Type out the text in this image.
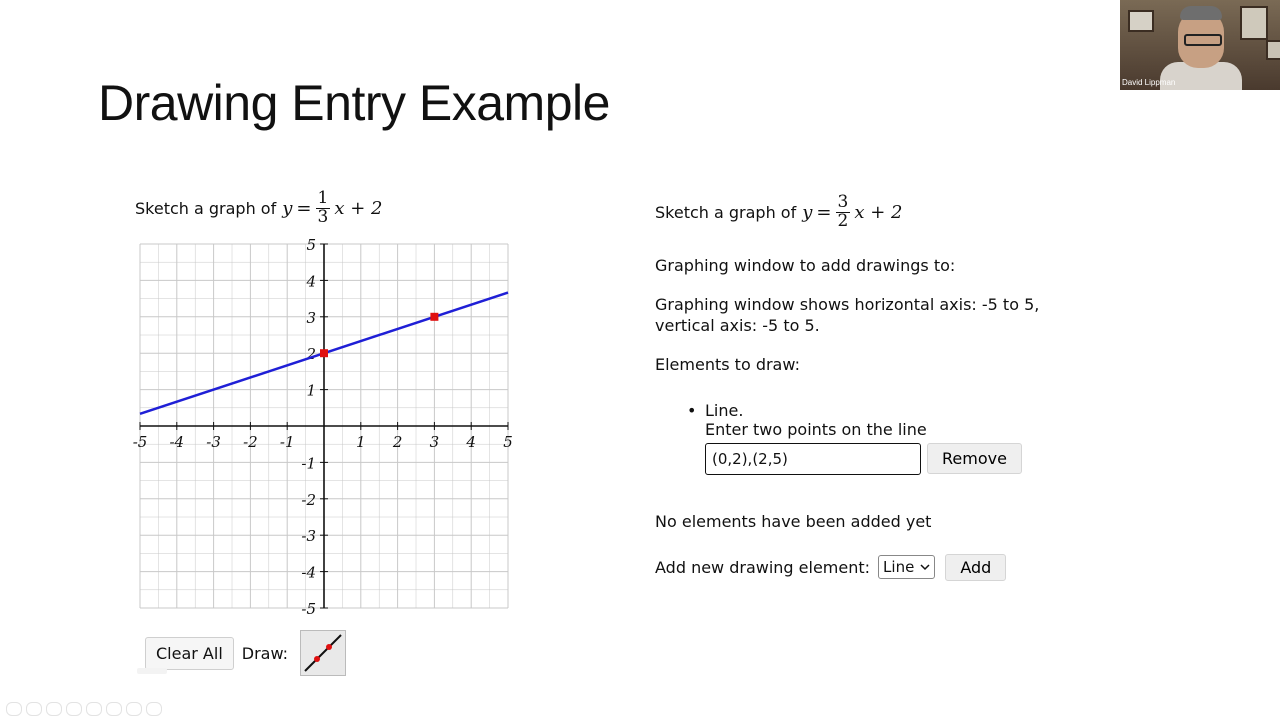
Drawing Entry Example
Sketch a graph of $y = \frac{1}{3}$ x + 2
-5 -4 -3 -2 -1	1 2 3 4 5
5
4
3
2
1
-1
-2
-3
-4
-5
Clear All	Draw:
Sketch a graph of $y = \frac{3}{2}$ x + 2

Graphing window to add drawings to:

Graphing window shows horizontal axis: -5 to 5, vertical axis: -5 to 5.

Elements to draw:

• Line.
Enter two points on the line
(0,2),(2,5)
Remove

No elements have been added yet

Add new drawing element: Line	Add
David Lippman
